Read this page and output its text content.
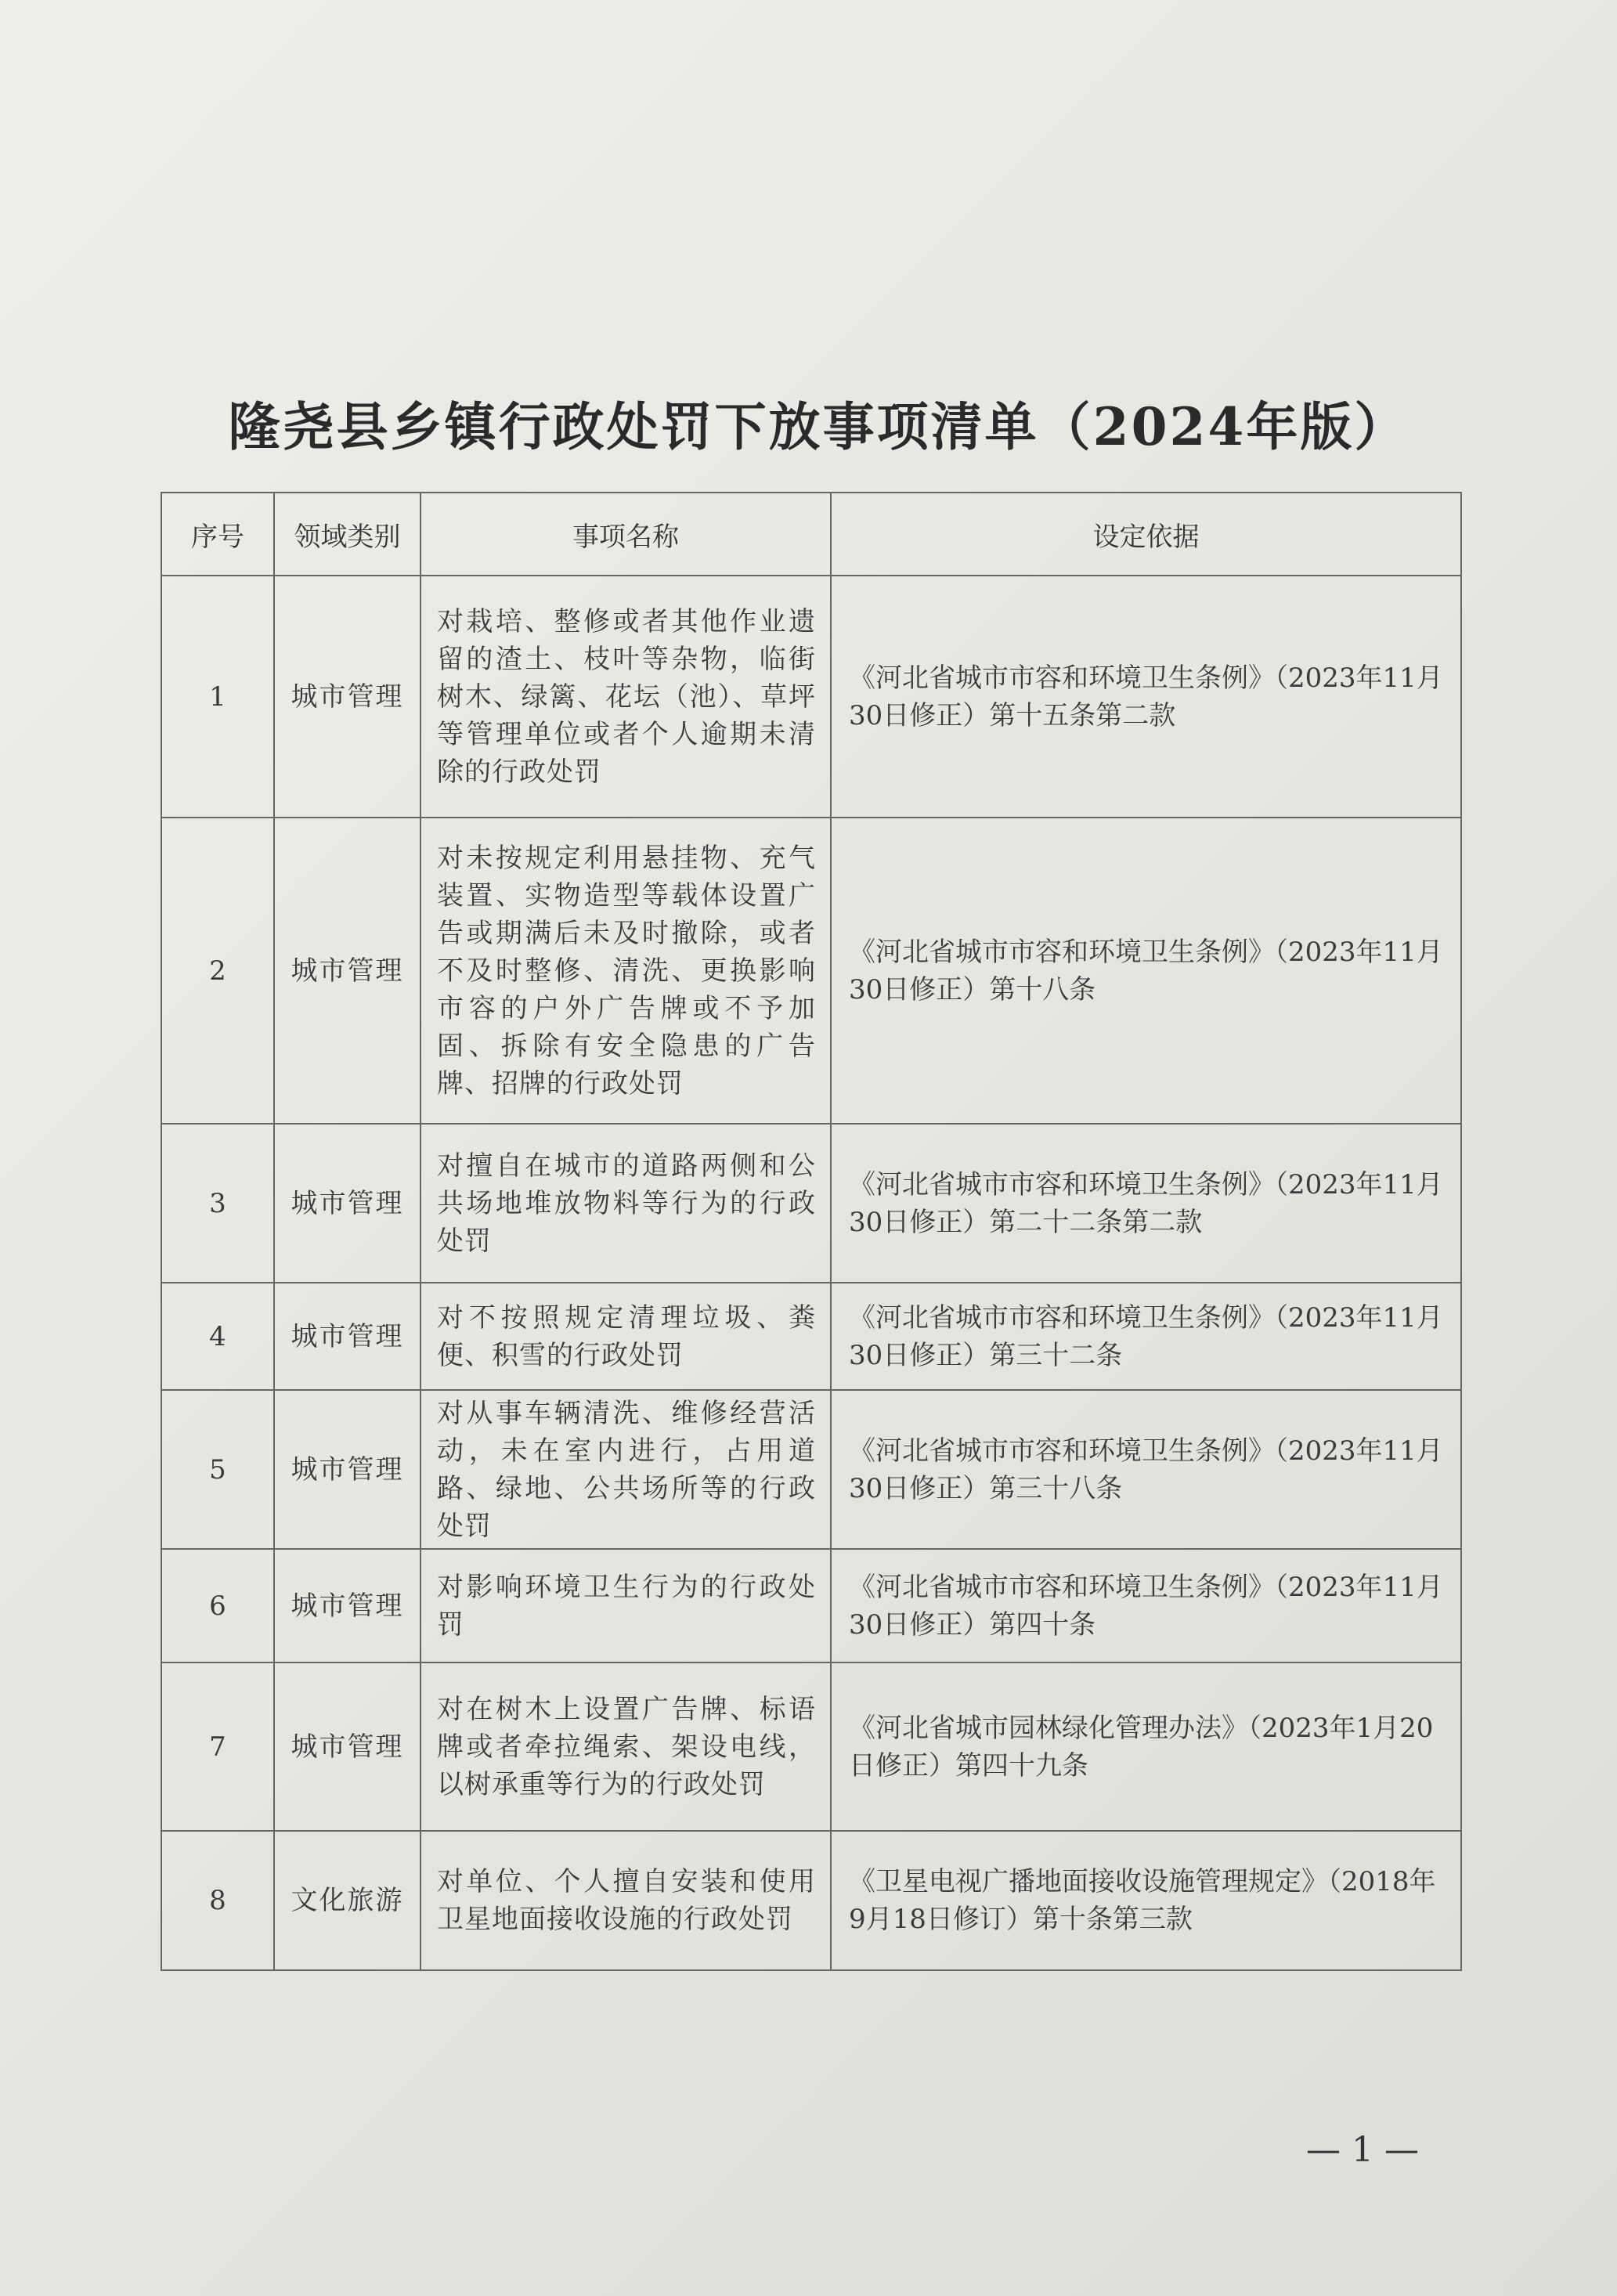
隆尧县乡镇行政处罚下放事项清单（2024年版）
序号	领域类别	事项名称	设定依据
1	城市管理	对栽培、整修或者其他作业遗留的渣土、枝叶等杂物，临街树木、绿篱、花坛（池）、草坪等管理单位或者个人逾期未清除的行政处罚	《河北省城市市容和环境卫生条例》（2023年11月30日修正）第十五条第二款
2	城市管理	对未按规定利用悬挂物、充气装置、实物造型等载体设置广告或期满后未及时撤除，或者不及时整修、清洗、更换影响市容的户外广告牌或不予加固、拆除有安全隐患的广告牌、招牌的行政处罚	《河北省城市市容和环境卫生条例》（2023年11月30日修正）第十八条
3	城市管理	对擅自在城市的道路两侧和公共场地堆放物料等行为的行政处罚	《河北省城市市容和环境卫生条例》（2023年11月30日修正）第二十二条第二款
4	城市管理	对不按照规定清理垃圾、粪便、积雪的行政处罚	《河北省城市市容和环境卫生条例》（2023年11月30日修正）第三十二条
5	城市管理	对从事车辆清洗、维修经营活动，未在室内进行，占用道路、绿地、公共场所等的行政处罚	《河北省城市市容和环境卫生条例》（2023年11月30日修正）第三十八条
6	城市管理	对影响环境卫生行为的行政处罚	《河北省城市市容和环境卫生条例》（2023年11月30日修正）第四十条
7	城市管理	对在树木上设置广告牌、标语牌或者牵拉绳索、架设电线，以树承重等行为的行政处罚	《河北省城市园林绿化管理办法》（2023年1月20日修正）第四十九条
8	文化旅游	对单位、个人擅自安装和使用卫星地面接收设施的行政处罚	《卫星电视广播地面接收设施管理规定》（2018年9月18日修订）第十条第三款
— 1 —
